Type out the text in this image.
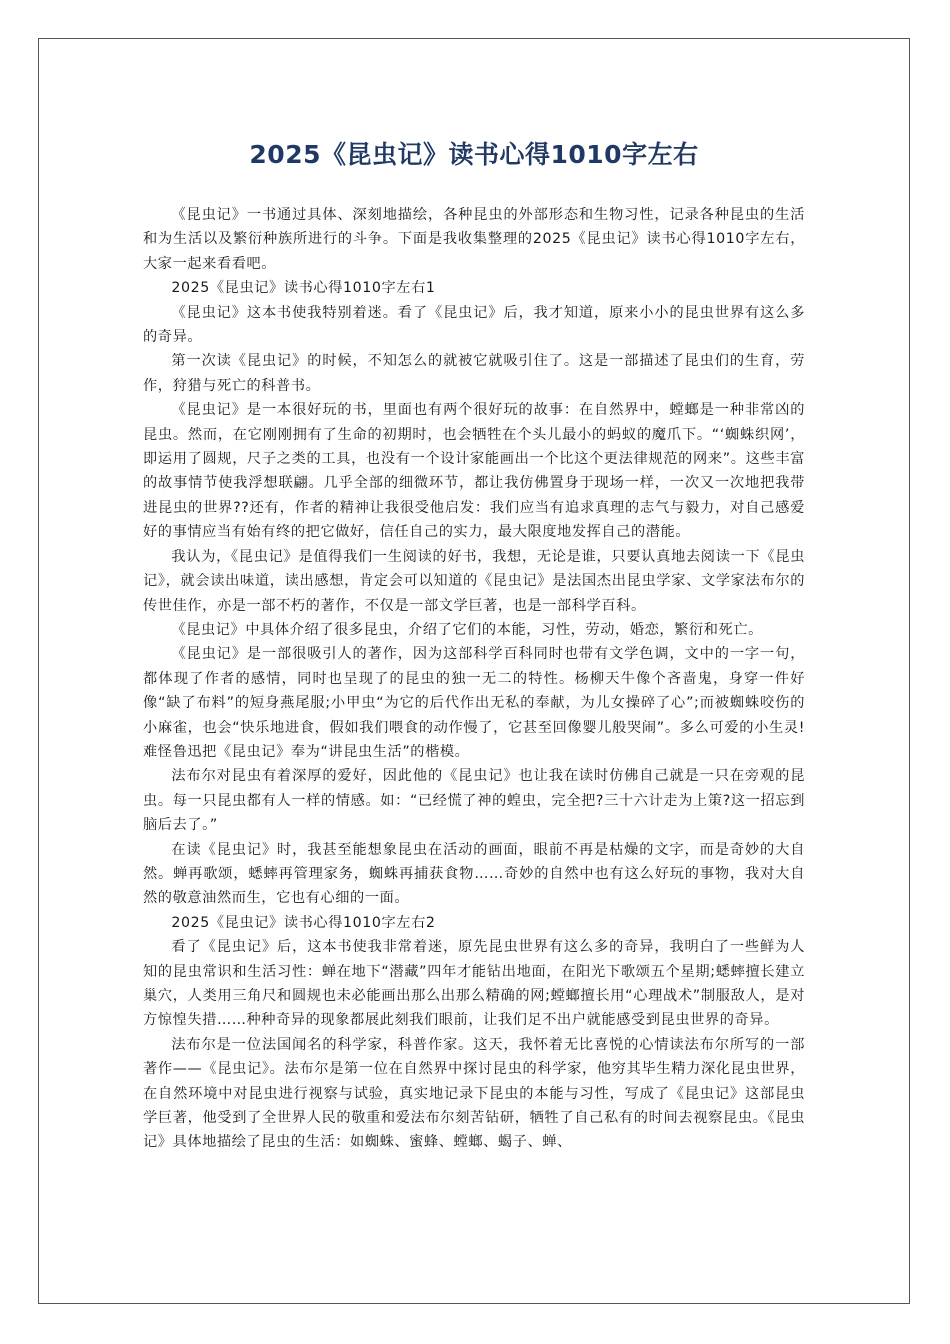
2025《昆虫记》读书心得1010字左右

《昆虫记》一书通过具体、深刻地描绘，各种昆虫的外部形态和生物习性，记录各种昆虫的生活和为生活以及繁衍种族所进行的斗争。下面是我收集整理的2025《昆虫记》读书心得1010字左右，大家一起来看看吧。

2025《昆虫记》读书心得1010字左右1

《昆虫记》这本书使我特别着迷。看了《昆虫记》后，我才知道，原来小小的昆虫世界有这么多的奇异。

第一次读《昆虫记》的时候，不知怎么的就被它就吸引住了。这是一部描述了昆虫们的生育，劳作，狩猎与死亡的科普书。

《昆虫记》是一本很好玩的书，里面也有两个很好玩的故事：在自然界中，螳螂是一种非常凶的昆虫。然而，在它刚刚拥有了生命的初期时，也会牺牲在个头儿最小的蚂蚁的魔爪下。“‘蜘蛛织网’，即运用了圆规，尺子之类的工具，也没有一个设计家能画出一个比这个更法律规范的网来”。这些丰富的故事情节使我浮想联翩。几乎全部的细微环节，都让我仿佛置身于现场一样，一次又一次地把我带进昆虫的世界??还有，作者的精神让我很受他启发：我们应当有追求真理的志气与毅力，对自己感爱好的事情应当有始有终的把它做好，信任自己的实力，最大限度地发挥自己的潜能。

我认为，《昆虫记》是值得我们一生阅读的好书，我想，无论是谁，只要认真地去阅读一下《昆虫记》，就会读出味道，读出感想，肯定会可以知道的《昆虫记》是法国杰出昆虫学家、文学家法布尔的传世佳作，亦是一部不朽的著作，不仅是一部文学巨著，也是一部科学百科。

《昆虫记》中具体介绍了很多昆虫，介绍了它们的本能，习性，劳动，婚恋，繁衍和死亡。

《昆虫记》是一部很吸引人的著作，因为这部科学百科同时也带有文学色调，文中的一字一句，都体现了作者的感情，同时也呈现了的昆虫的独一无二的特性。杨柳天牛像个吝啬鬼，身穿一件好像“缺了布料”的短身燕尾服;小甲虫“为它的后代作出无私的奉献，为儿女操碎了心”;而被蜘蛛咬伤的小麻雀，也会“快乐地进食，假如我们喂食的动作慢了，它甚至回像婴儿般哭闹”。多么可爱的小生灵!难怪鲁迅把《昆虫记》奉为“讲昆虫生活”的楷模。

法布尔对昆虫有着深厚的爱好，因此他的《昆虫记》也让我在读时仿佛自己就是一只在旁观的昆虫。每一只昆虫都有人一样的情感。如：“已经慌了神的蝗虫，完全把?三十六计走为上策?这一招忘到脑后去了。”

在读《昆虫记》时，我甚至能想象昆虫在活动的画面，眼前不再是枯燥的文字，而是奇妙的大自然。蝉再歌颂，蟋蟀再管理家务，蜘蛛再捕获食物……奇妙的自然中也有这么好玩的事物，我对大自然的敬意油然而生，它也有心细的一面。

2025《昆虫记》读书心得1010字左右2

看了《昆虫记》后，这本书使我非常着迷，原先昆虫世界有这么多的奇异，我明白了一些鲜为人知的昆虫常识和生活习性：蝉在地下“潜藏”四年才能钻出地面，在阳光下歌颂五个星期;蟋蟀擅长建立巢穴，人类用三角尺和圆规也未必能画出那么出那么精确的网;螳螂擅长用“心理战术”制服敌人，是对方惊惶失措……种种奇异的现象都展此刻我们眼前，让我们足不出户就能感受到昆虫世界的奇异。

法布尔是一位法国闻名的科学家，科普作家。这天，我怀着无比喜悦的心情读法布尔所写的一部著作——《昆虫记》。法布尔是第一位在自然界中探讨昆虫的科学家，他穷其毕生精力深化昆虫世界，在自然环境中对昆虫进行视察与试验，真实地记录下昆虫的本能与习性，写成了《昆虫记》这部昆虫学巨著，他受到了全世界人民的敬重和爱法布尔刻苦钻研，牺牲了自己私有的时间去视察昆虫。《昆虫记》具体地描绘了昆虫的生活：如蜘蛛、蜜蜂、螳螂、蝎子、蝉、
